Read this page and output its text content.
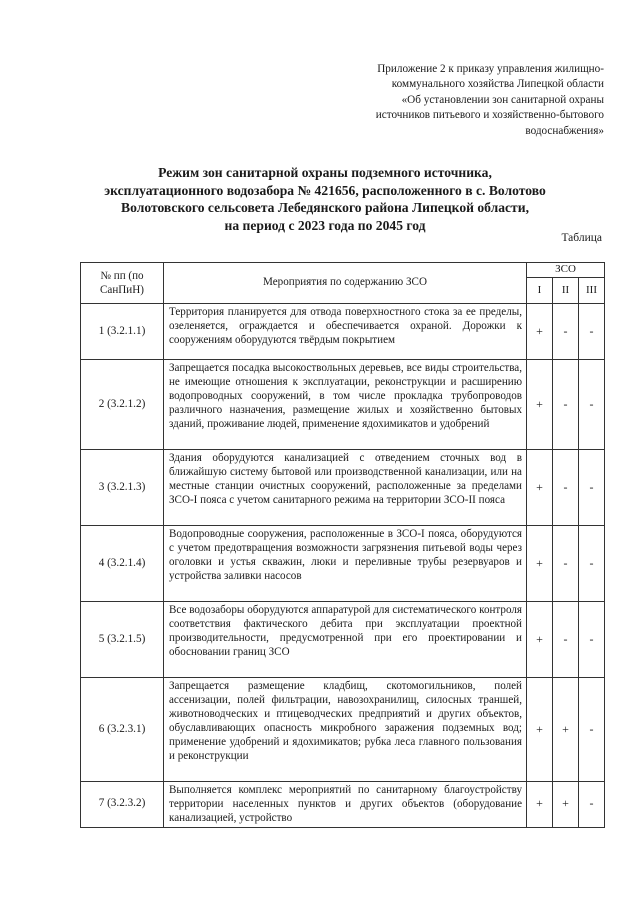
Приложение 2 к приказу управления жилищно-
коммунального хозяйства Липецкой области
«Об установлении зон санитарной охраны
источников питьевого и хозяйственно-бытового
водоснабжения»
Режим зон санитарной охраны подземного источника,
эксплуатационного водозабора № 421656, расположенного в с. Волотово
Волотовского сельсовета Лебедянского района Липецкой области,
на период с 2023 года по 2045 год
Таблица
№ пп (по СанПиН)	Мероприятия по содержанию ЗСО	ЗСО		
		I	II	III
1 (3.2.1.1)	Территория планируется для отвода поверхностного стока за ее пределы, озеленяется, ограждается и обеспечивается охраной. Дорожки к сооружениям оборудуются твёрдым покрытием	+	-	-
2 (3.2.1.2)	Запрещается посадка высокоствольных деревьев, все виды строительства, не имеющие отношения к эксплуатации, реконструкции и расширению водопроводных сооружений, в том числе прокладка трубопроводов различного назначения, размещение жилых и хозяйственно бытовых зданий, проживание людей, применение ядохимикатов и удобрений	+	-	-
3 (3.2.1.3)	Здания оборудуются канализацией с отведением сточных вод в ближайшую систему бытовой или производственной канализации, или на местные станции очистных сооружений, расположенные за пределами ЗСО-I пояса с учетом санитарного режима на территории ЗСО-II пояса	+	-	-
4 (3.2.1.4)	Водопроводные сооружения, расположенные в ЗСО-I пояса, оборудуются с учетом предотвращения возможности загрязнения питьевой воды через оголовки и устья скважин, люки и переливные трубы резервуаров и устройства заливки насосов	+	-	-
5 (3.2.1.5)	Все водозаборы оборудуются аппаратурой для систематического контроля соответствия фактического дебита при эксплуатации проектной производительности, предусмотренной при его проектировании и обосновании границ ЗСО	+	-	-
6 (3.2.3.1)	Запрещается размещение кладбищ, скотомогильников, полей ассенизации, полей фильтрации, навозохранилищ, силосных траншей, животноводческих и птицеводческих предприятий и других объектов, обуславливающих опасность микробного заражения подземных вод; применение удобрений и ядохимикатов; рубка леса главного пользования и реконструкции	+	+	-
7 (3.2.3.2)	Выполняется комплекс мероприятий по санитарному благоустройству территории населенных пунктов и других объектов (оборудование канализацией, устройство	+	+	-
